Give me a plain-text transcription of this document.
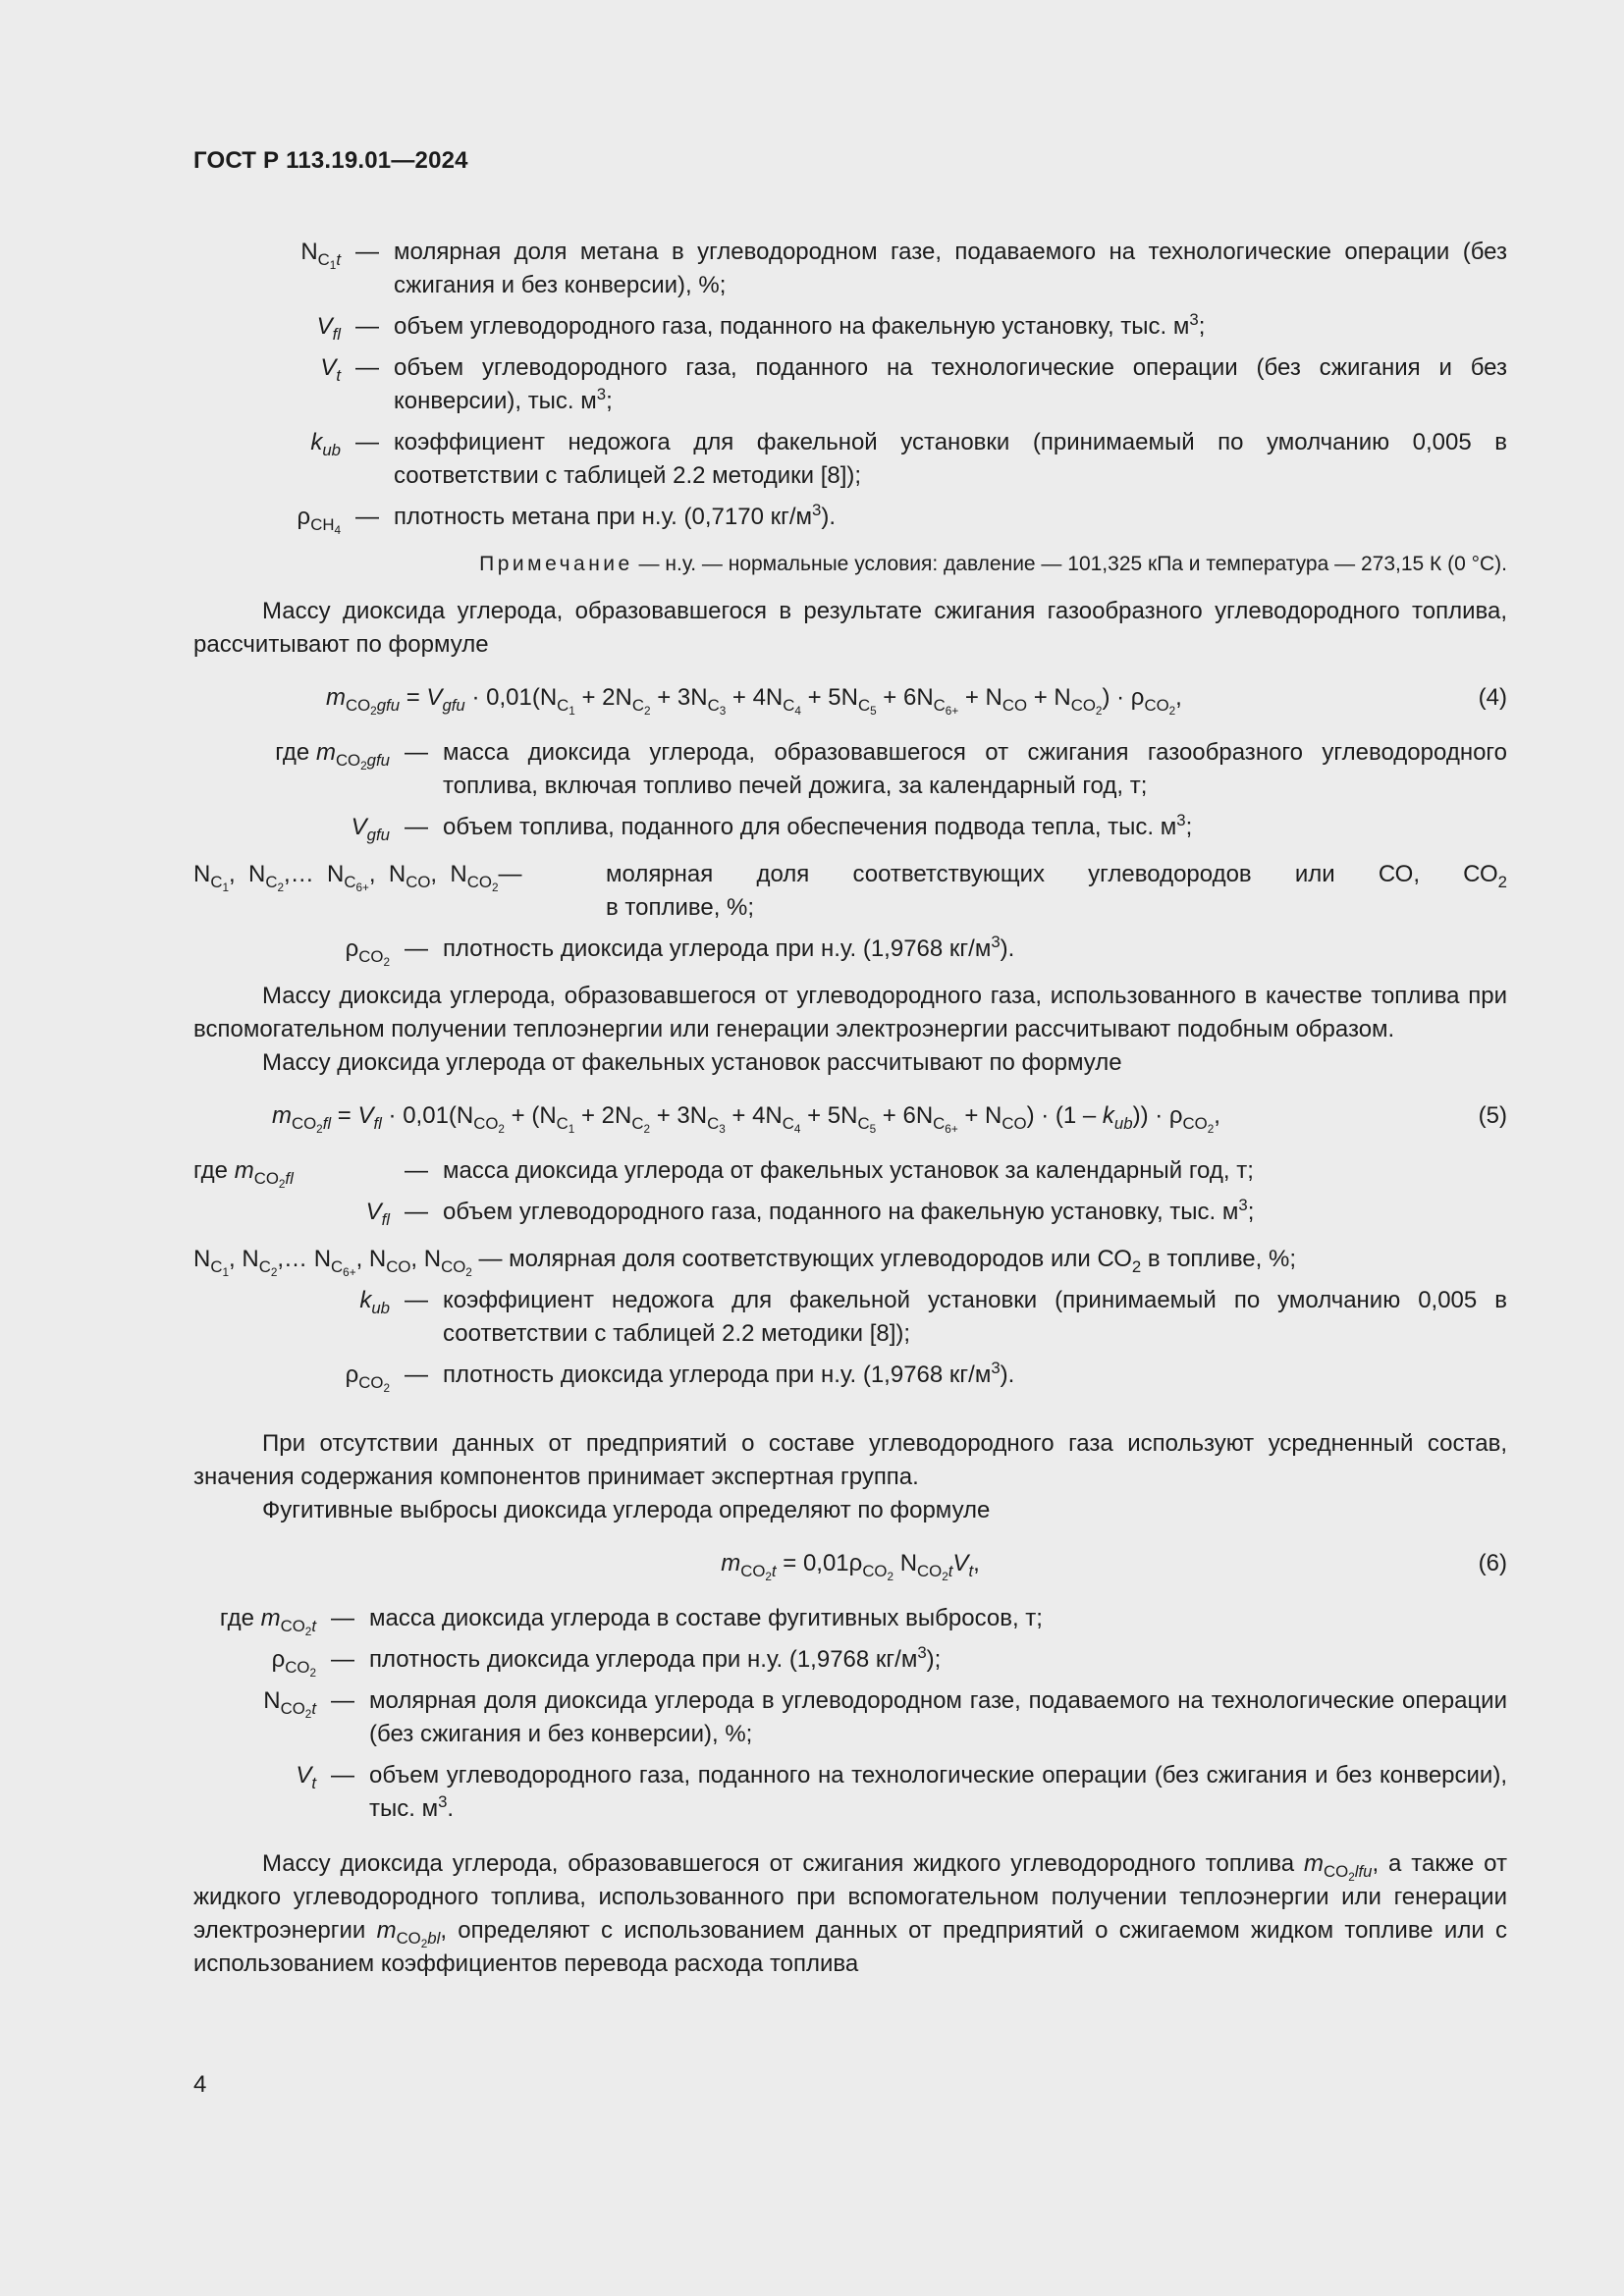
ГОСТ Р 113.19.01—2024
$N_{C_1t}$ — молярная доля метана в углеводородном газе, подаваемого на технологические операции (без сжигания и без конверсии), %;
$V_{fl}$ — объем углеводородного газа, поданного на факельную установку, тыс. $м^3$;
$V_t$ — объем углеводородного газа, поданного на технологические операции (без сжигания и без конверсии), тыс. $м^3$;
$k_{ub}$ — коэффициент недожога для факельной установки (принимаемый по умолчанию 0,005 в соответствии с таблицей 2.2 методики [8]);
$\rho_{CH_4}$
— плотность метана при н.у. (0,7170 $кг/м^3$).
Примечание — н.у. — нормальные условия: давление — 101,325 кПа и температура — 273,15 К (0 °С).

Массу диоксида углерода, образовавшегося в результате сжигания газообразного углеводородного топлива, рассчитывают по формуле

$m_{CO_2gfu} = V_{gfu} \cdot 0,01(N_{C_1} + 2N_{C_2} + 3N_{C_3} + 4N_{C_4} + 5N_{C_5} + 6N_{C_{6+}} + N_{CO} + N_{CO_2}) \cdot \rho_{CO_2}$,	(4)
где $m_{CO_2gfu}$ — масса диоксида углерода, образовавшегося от сжигания газообразного углеводородного топлива, включая топливо печей дожига, за календарный год, т;
$V_{gfu}$ — объем топлива, поданного для обеспечения подвода тепла, тыс. $м^3$;
$N_{C_1}$,  $N_{C_2},\dots$  $N_{C_{6+}}$,  $N_{CO}$,  $N_{CO_2}—$	молярная доля соответствующих углеводородов или СО, $СО_2$
в топливе, %;
$\rho_{CO_2}$
— плотность диоксида углерода при н.у. (1,9768 $кг/м^3$).

Массу диоксида углерода, образовавшегося от углеводородного газа, использованного в качестве топлива при вспомогательном получении теплоэнергии или генерации электроэнергии рассчитывают подобным образом.

Массу диоксида углерода от факельных установок рассчитывают по формуле

$m_{CO_2fl} = V_{fl} \cdot 0,01(N_{CO_2} + (N_{C_1} + 2N_{C_2} + 3N_{C_3} + 4N_{C_4} + 5N_{C_5} + 6N_{C_{6+}} + N_{CO}) \cdot (1 - k_{ub})) \cdot \rho_{CO_2}$,	(5)
где $m_{CO_2fl}$	— масса диоксида углерода от факельных установок за календарный год, т;
$V_{fl}$ — объем углеводородного газа, поданного на факельную установку, тыс. $м^3$;
$N_{C_1}$, $N_{C_2},\dots$ $N_{C_{6+}}$, $N_{CO}$, $N_{CO_2}$ — молярная доля соответствующих углеводородов или $СО_2$ в топливе, %;
$k_{ub}$ — коэффициент недожога для факельной установки (принимаемый по умолчанию 0,005 в соответствии с таблицей 2.2 методики [8]);
$\rho_{CO_2}$
— плотность диоксида углерода при н.у. (1,9768 $кг/м^3$).

При отсутствии данных от предприятий о составе углеводородного газа используют усредненный состав, значения содержания компонентов принимает экспертная группа.

Фугитивные выбросы диоксида углерода определяют по формуле

$m_{CO_2t} = 0,01\rho_{CO_2}$ $N_{CO_2t}V_t$,	(6)
где $m_{CO_2t}$ — масса диоксида углерода в составе фугитивных выбросов, т;
$\rho_{CO_2}$
— плотность диоксида углерода при н.у. (1,9768 $кг/м^3$);
$N_{CO_2t}$ — молярная доля диоксида углерода в углеводородном газе, подаваемого на технологические операции (без сжигания и без конверсии), %;
$V_t$ — объем углеводородного газа, поданного на технологические операции (без сжигания и без конверсии), тыс. $м^3$.

Массу диоксида углерода, образовавшегося от сжигания жидкого углеводородного топлива $m_{CO_2lfu}$, а также от жидкого углеводородного топлива, использованного при вспомогательном получении теплоэнергии или генерации электроэнергии $m_{CO_2bl}$, определяют с использованием данных от предприятий о сжигаемом жидком топливе или с использованием коэффициентов перевода расхода топлива

4
